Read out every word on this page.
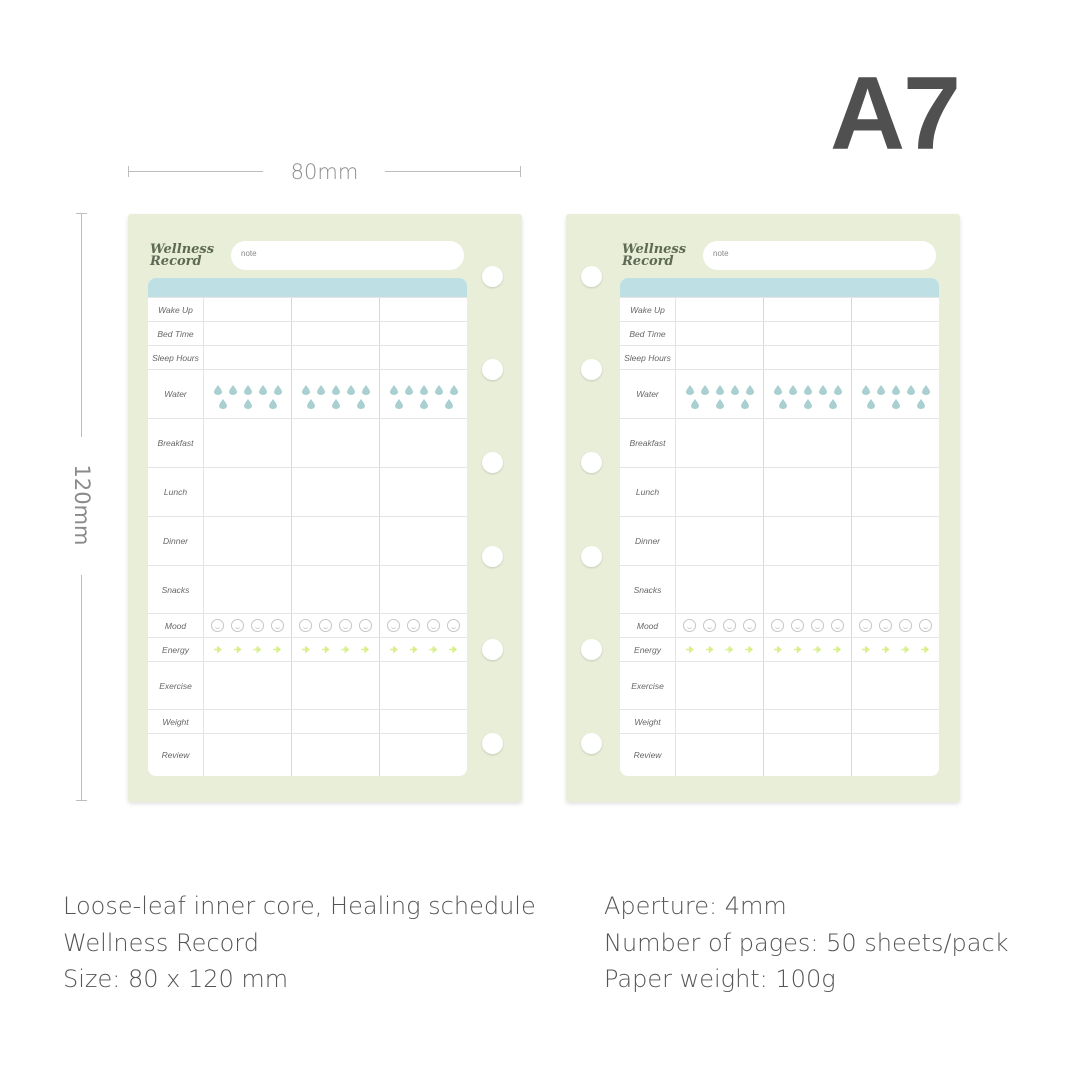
A7
80mm
120mm
Wellness
Record
note
Wake Up
Bed Time
Sleep Hours
Water
Breakfast
Lunch
Dinner
Snacks
Mood
Energy
Exercise
Weight
Review
Wellness
Record
note
Wake Up
Bed Time
Sleep Hours
Water
Breakfast
Lunch
Dinner
Snacks
Mood
Energy
Exercise
Weight
Review
Loose-leaf inner core, Healing schedule
Wellness Record
Size: 80 x 120 mm
Aperture: 4mm
Number of pages: 50 sheets/pack
Paper weight: 100g
